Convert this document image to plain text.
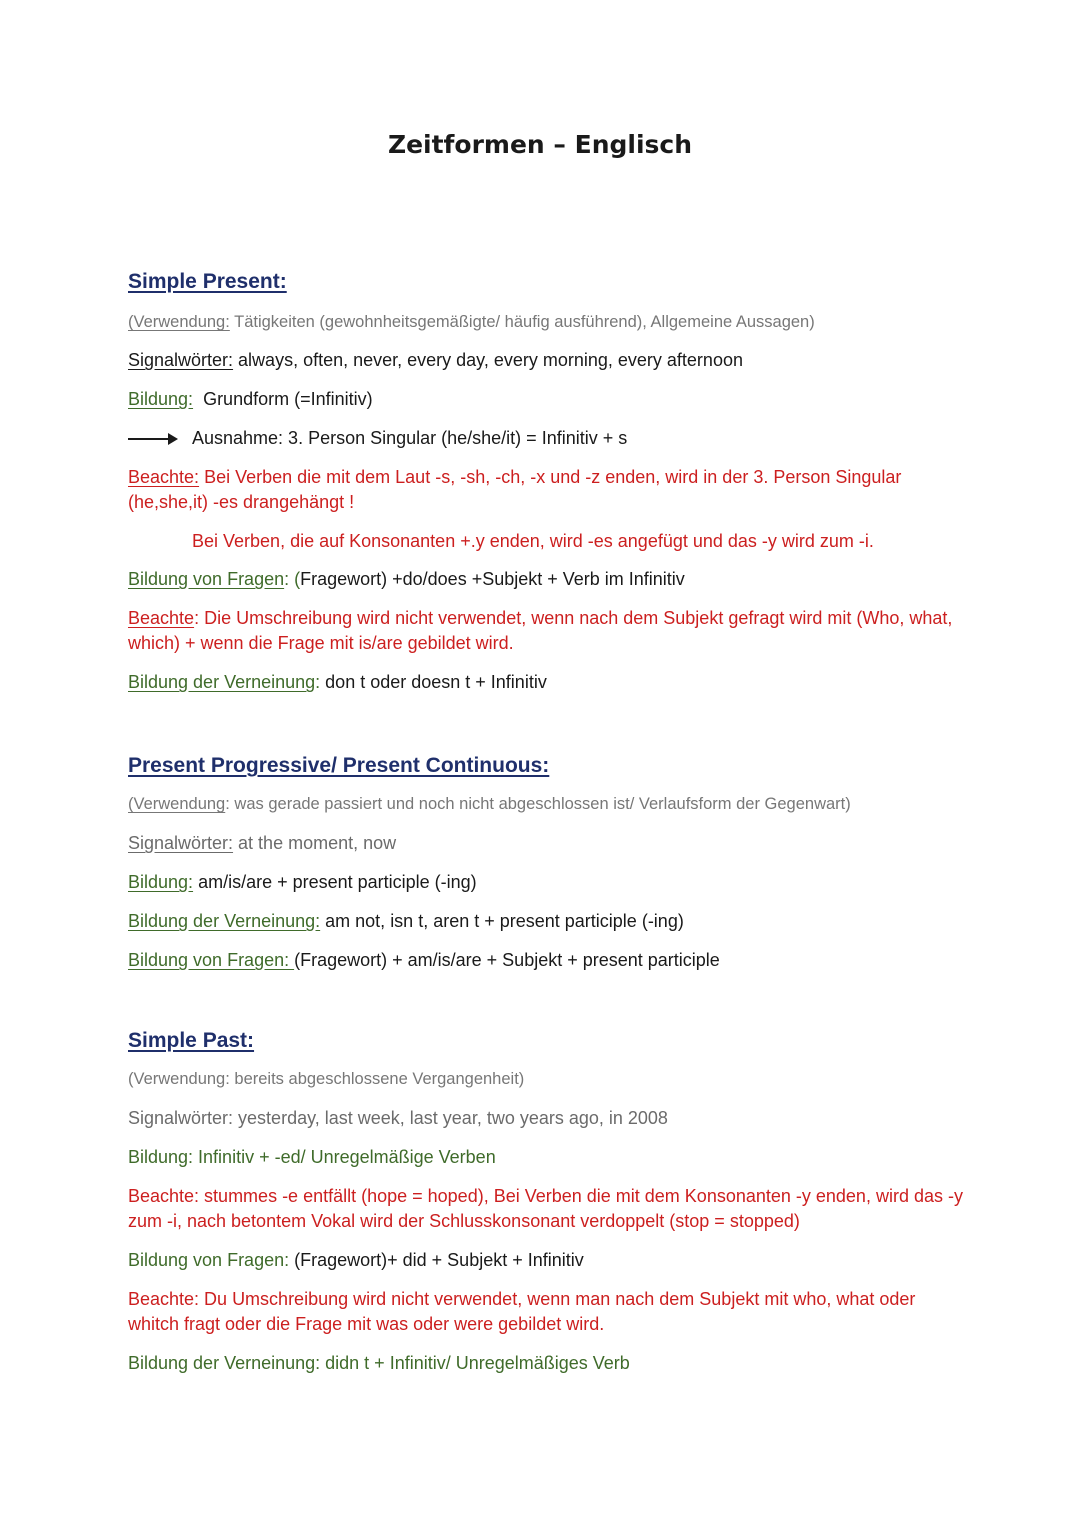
Zeitformen – Englisch

Simple Present:

(Verwendung: Tätigkeiten (gewohnheitsgemäßigte/ häufig ausführend), Allgemeine Aussagen)

Signalwörter: always, often, never, every day, every morning, every afternoon

Bildung:  Grundform (=Infinitiv)

Ausnahme: 3. Person Singular (he/she/it) = Infinitiv + s

Beachte: Bei Verben die mit dem Laut -s, -sh, -ch, -x und -z enden, wird in der 3. Person Singular (he,she,it) -es drangehängt !

Bei Verben, die auf Konsonanten +.y enden, wird -es angefügt und das -y wird zum -i.

Bildung von Fragen: (Fragewort) +do/does +Subjekt + Verb im Infinitiv

Beachte: Die Umschreibung wird nicht verwendet, wenn nach dem Subjekt gefragt wird mit (Who, what, which) + wenn die Frage mit is/are gebildet wird.

Bildung der Verneinung: don t oder doesn t + Infinitiv

Present Progressive/ Present Continuous:

(Verwendung: was gerade passiert und noch nicht abgeschlossen ist/ Verlaufsform der Gegenwart)

Signalwörter: at the moment, now

Bildung: am/is/are + present participle (-ing)

Bildung der Verneinung: am not, isn t, aren t + present participle (-ing)

Bildung von Fragen: (Fragewort) + am/is/are + Subjekt + present participle

Simple Past:

(Verwendung: bereits abgeschlossene Vergangenheit)

Signalwörter: yesterday, last week, last year, two years ago, in 2008

Bildung: Infinitiv + -ed/ Unregelmäßige Verben

Beachte: stummes -e entfällt (hope = hoped), Bei Verben die mit dem Konsonanten -y enden, wird das -y zum -i, nach betontem Vokal wird der Schlusskonsonant verdoppelt (stop = stopped)

Bildung von Fragen: (Fragewort)+ did + Subjekt + Infinitiv

Beachte: Du Umschreibung wird nicht verwendet, wenn man nach dem Subjekt mit who, what oder whitch fragt oder die Frage mit was oder were gebildet wird.

Bildung der Verneinung: didn t + Infinitiv/ Unregelmäßiges Verb
